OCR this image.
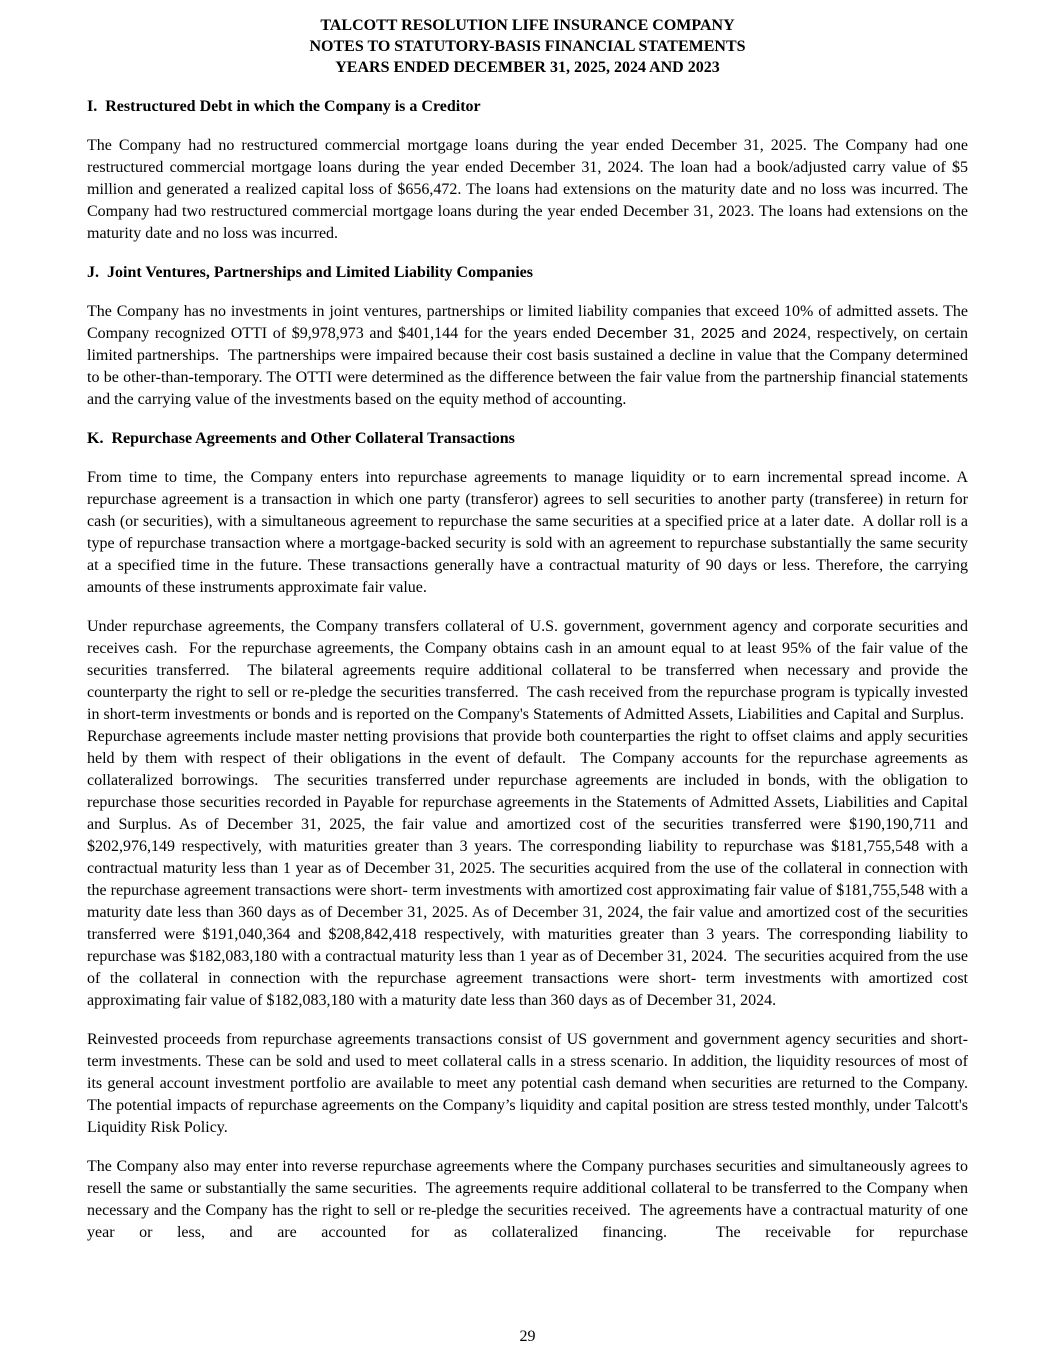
TALCOTT RESOLUTION LIFE INSURANCE COMPANY
NOTES TO STATUTORY-BASIS FINANCIAL STATEMENTS
YEARS ENDED DECEMBER 31, 2025, 2024 AND 2023
I.  Restructured Debt in which the Company is a Creditor

The Company had no restructured commercial mortgage loans during the year ended December 31, 2025. The Company had one restructured commercial mortgage loans during the year ended December 31, 2024. The loan had a book/adjusted carry value of $5 million and generated a realized capital loss of $656,472. The loans had extensions on the maturity date and no loss was incurred. The Company had two restructured commercial mortgage loans during the year ended December 31, 2023. The loans had extensions on the maturity date and no loss was incurred.

J.  Joint Ventures, Partnerships and Limited Liability Companies

The Company has no investments in joint ventures, partnerships or limited liability companies that exceed 10% of admitted assets. The Company recognized OTTI of $9,978,973 and $401,144 for the years ended December 31, 2025 and 2024, respectively, on certain limited partnerships.  The partnerships were impaired because their cost basis sustained a decline in value that the Company determined to be other-than-temporary. The OTTI were determined as the difference between the fair value from the partnership financial statements and the carrying value of the investments based on the equity method of accounting.

K.  Repurchase Agreements and Other Collateral Transactions

From time to time, the Company enters into repurchase agreements to manage liquidity or to earn incremental spread income. A repurchase agreement is a transaction in which one party (transferor) agrees to sell securities to another party (transferee) in return for cash (or securities), with a simultaneous agreement to repurchase the same securities at a specified price at a later date.  A dollar roll is a type of repurchase transaction where a mortgage-backed security is sold with an agreement to repurchase substantially the same security at a specified time in the future. These transactions generally have a contractual maturity of 90 days or less. Therefore, the carrying amounts of these instruments approximate fair value.

Under repurchase agreements, the Company transfers collateral of U.S. government, government agency and corporate securities and receives cash.  For the repurchase agreements, the Company obtains cash in an amount equal to at least 95% of the fair value of the securities transferred.  The bilateral agreements require additional collateral to be transferred when necessary and provide the counterparty the right to sell or re-pledge the securities transferred.  The cash received from the repurchase program is typically invested in short-term investments or bonds and is reported on the Company's Statements of Admitted Assets, Liabilities and Capital and Surplus.  Repurchase agreements include master netting provisions that provide both counterparties the right to offset claims and apply securities held by them with respect of their obligations in the event of default.  The Company accounts for the repurchase agreements as collateralized borrowings.  The securities transferred under repurchase agreements are included in bonds, with the obligation to repurchase those securities recorded in Payable for repurchase agreements in the Statements of Admitted Assets, Liabilities and Capital and Surplus. As of December 31, 2025, the fair value and amortized cost of the securities transferred were $190,190,711 and $202,976,149 respectively, with maturities greater than 3 years. The corresponding liability to repurchase was $181,755,548 with a contractual maturity less than 1 year as of December 31, 2025. The securities acquired from the use of the collateral in connection with the repurchase agreement transactions were short- term investments with amortized cost approximating fair value of $181,755,548 with a maturity date less than 360 days as of December 31, 2025. As of December 31, 2024, the fair value and amortized cost of the securities transferred were $191,040,364 and $208,842,418 respectively, with maturities greater than 3 years. The corresponding liability to repurchase was $182,083,180 with a contractual maturity less than 1 year as of December 31, 2024.  The securities acquired from the use of the collateral in connection with the repurchase agreement transactions were short- term investments with amortized cost approximating fair value of $182,083,180 with a maturity date less than 360 days as of December 31, 2024.

Reinvested proceeds from repurchase agreements transactions consist of US government and government agency securities and short-term investments. These can be sold and used to meet collateral calls in a stress scenario. In addition, the liquidity resources of most of its general account investment portfolio are available to meet any potential cash demand when securities are returned to the Company. The potential impacts of repurchase agreements on the Company’s liquidity and capital position are stress tested monthly, under Talcott's Liquidity Risk Policy.

The Company also may enter into reverse repurchase agreements where the Company purchases securities and simultaneously agrees to resell the same or substantially the same securities.  The agreements require additional collateral to be transferred to the Company when necessary and the Company has the right to sell or re-pledge the securities received.  The agreements have a contractual maturity of one year or less, and are accounted for as collateralized financing.  The receivable for repurchase

29
